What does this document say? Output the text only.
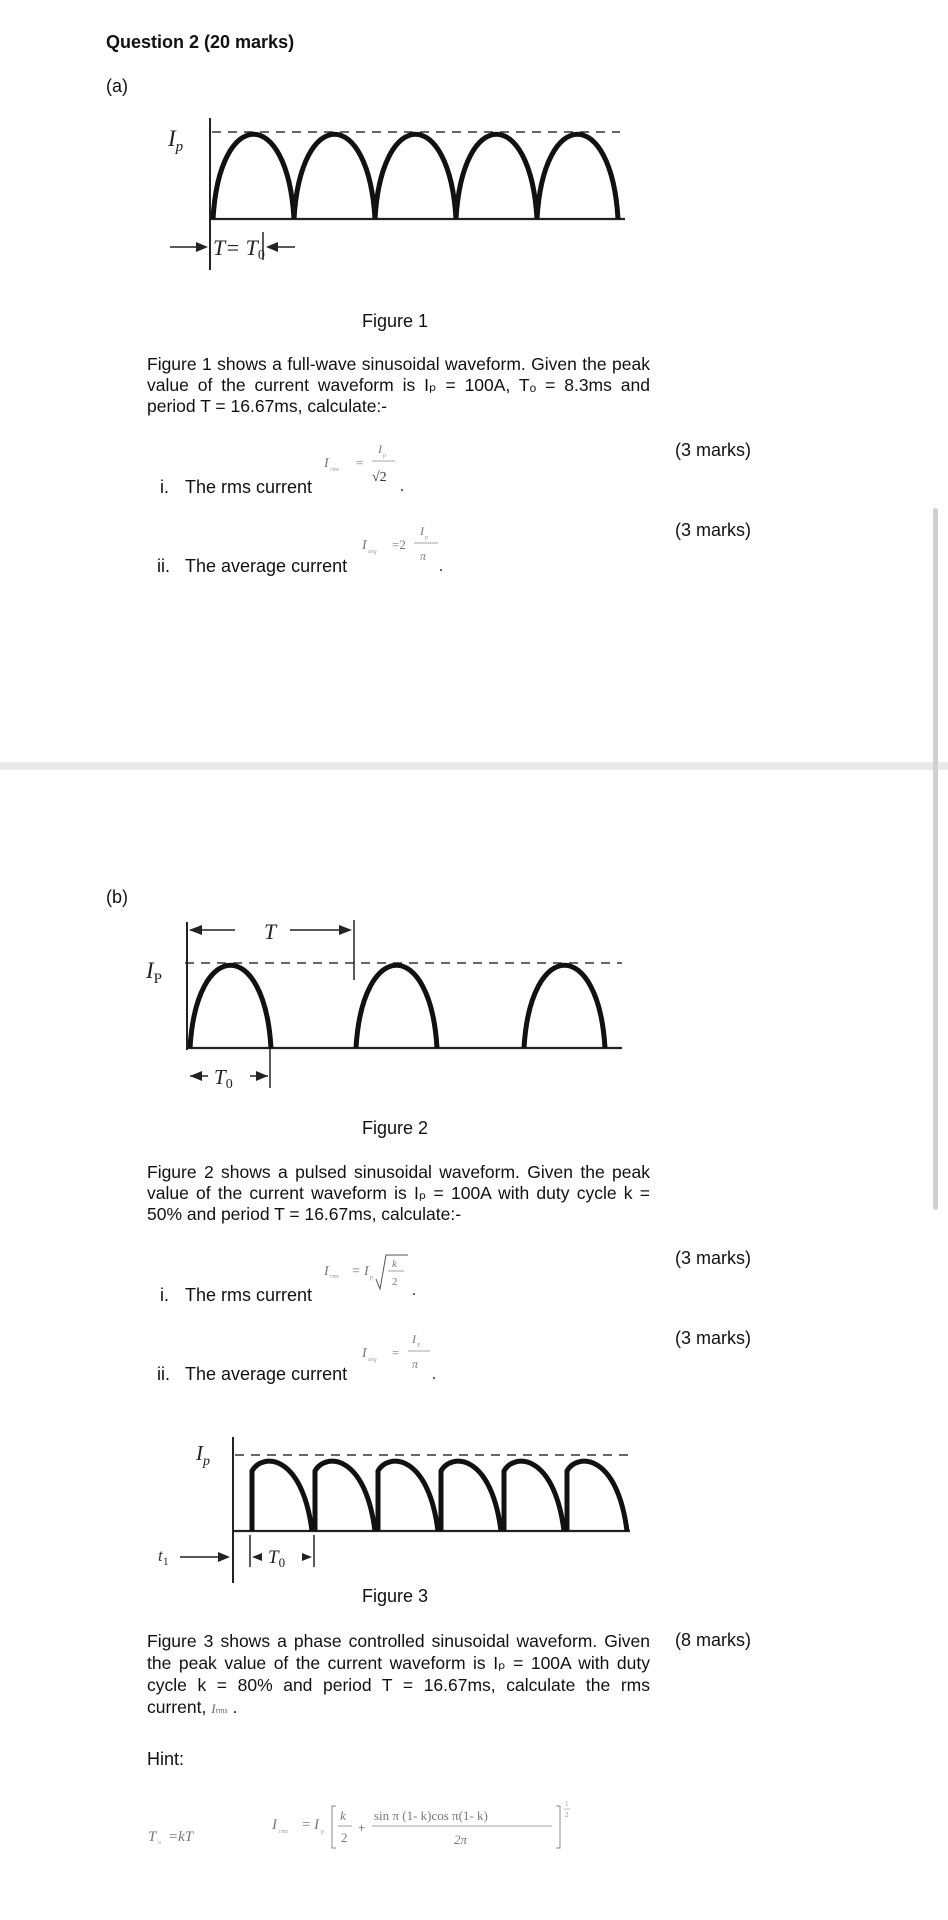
Question 2 (20 marks)
(a)
$I_p$
T= T0
Figure 1
Figure 1 shows a full-wave sinusoidal waveform. Given the peak value of the current waveform is Iₚ = 100A, Tₒ = 8.3ms and period T = 16.67ms, calculate:-
(3 marks)
i. The rms current
I rms =
I p
√2
.
(3 marks)
ii. The average current
I avg =2
I p
π
.
(b)
T
$I_P$
T0
Figure 2
Figure 2 shows a pulsed sinusoidal waveform. Given the peak value of the current waveform is Iₚ = 100A with duty cycle k = 50% and period T = 16.67ms, calculate:-
(3 marks)
i. The rms current
I rms = I p
k
2 .
(3 marks)
ii. The average current
I avg =
I P
π
.
$I_p$
$t_1$	$T_0$
Figure 3
Figure 3 shows a phase controlled sinusoidal waveform. Given the peak value of the current waveform is Iₚ = 100A with duty cycle k = 80% and period T = 16.67ms, calculate the rms current, Irms .
(8 marks)
Hint:
T o =kT
I rms = I p
k
2
+
sin π (1- k)cos π(1- k)
2π
1
2
